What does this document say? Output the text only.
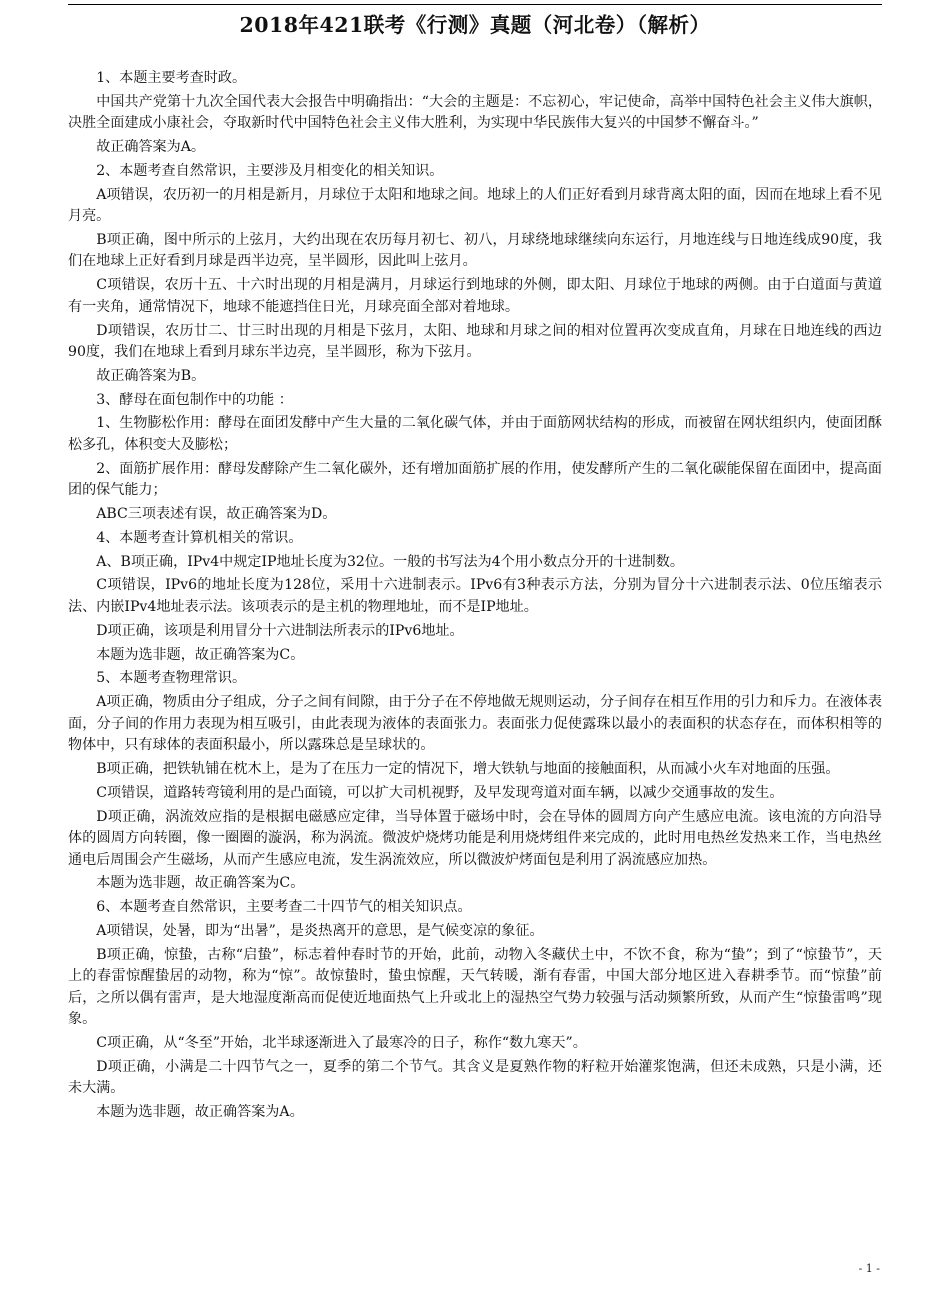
2018年421联考《行测》真题（河北卷）（解析）

1、本题主要考查时政。

中国共产党第十九次全国代表大会报告中明确指出：“大会的主题是：不忘初心，牢记使命，高举中国特色社会主义伟大旗帜，决胜全面建成小康社会，夺取新时代中国特色社会主义伟大胜利，为实现中华民族伟大复兴的中国梦不懈奋斗。”

故正确答案为A。

2、本题考查自然常识，主要涉及月相变化的相关知识。

A项错误，农历初一的月相是新月，月球位于太阳和地球之间。地球上的人们正好看到月球背离太阳的面，因而在地球上看不见月亮。

B项正确，图中所示的上弦月，大约出现在农历每月初七、初八，月球绕地球继续向东运行，月地连线与日地连线成90度，我们在地球上正好看到月球是西半边亮，呈半圆形，因此叫上弦月。

C项错误，农历十五、十六时出现的月相是满月，月球运行到地球的外侧，即太阳、月球位于地球的两侧。由于白道面与黄道有一夹角，通常情况下，地球不能遮挡住日光，月球亮面全部对着地球。

D项错误，农历廿二、廿三时出现的月相是下弦月，太阳、地球和月球之间的相对位置再次变成直角，月球在日地连线的西边90度，我们在地球上看到月球东半边亮，呈半圆形，称为下弦月。

故正确答案为B。

3、酵母在面包制作中的功能 ：

1、生物膨松作用：酵母在面团发酵中产生大量的二氧化碳气体，并由于面筋网状结构的形成，而被留在网状组织内，使面团酥松多孔，体积变大及膨松；

2、面筋扩展作用：酵母发酵除产生二氧化碳外，还有增加面筋扩展的作用，使发酵所产生的二氧化碳能保留在面团中，提高面团的保气能力；

ABC三项表述有误，故正确答案为D。

4、本题考查计算机相关的常识。

A、B项正确，IPv4中规定IP地址长度为32位。一般的书写法为4个用小数点分开的十进制数。

C项错误，IPv6的地址长度为128位，采用十六进制表示。IPv6有3种表示方法，分别为冒分十六进制表示法、0位压缩表示法、内嵌IPv4地址表示法。该项表示的是主机的物理地址，而不是IP地址。

D项正确，该项是利用冒分十六进制法所表示的IPv6地址。

本题为选非题，故正确答案为C。

5、本题考查物理常识。

A项正确，物质由分子组成，分子之间有间隙，由于分子在不停地做无规则运动，分子间存在相互作用的引力和斥力。在液体表面，分子间的作用力表现为相互吸引，由此表现为液体的表面张力。表面张力促使露珠以最小的表面积的状态存在，而体积相等的物体中，只有球体的表面积最小，所以露珠总是呈球状的。

B项正确，把铁轨铺在枕木上，是为了在压力一定的情况下，增大铁轨与地面的接触面积，从而减小火车对地面的压强。

C项错误，道路转弯镜利用的是凸面镜，可以扩大司机视野，及早发现弯道对面车辆，以减少交通事故的发生。

D项正确，涡流效应指的是根据电磁感应定律，当导体置于磁场中时，会在导体的圆周方向产生感应电流。该电流的方向沿导体的圆周方向转圈，像一圈圈的漩涡，称为涡流。微波炉烧烤功能是利用烧烤组件来完成的，此时用电热丝发热来工作，当电热丝通电后周围会产生磁场，从而产生感应电流，发生涡流效应，所以微波炉烤面包是利用了涡流感应加热。

本题为选非题，故正确答案为C。

6、本题考查自然常识，主要考查二十四节气的相关知识点。

A项错误，处暑，即为“出暑”，是炎热离开的意思，是气候变凉的象征。

B项正确，惊蛰，古称“启蛰”，标志着仲春时节的开始，此前，动物入冬藏伏土中，不饮不食，称为“蛰”；到了“惊蛰节”，天上的春雷惊醒蛰居的动物，称为“惊”。故惊蛰时，蛰虫惊醒，天气转暖，渐有春雷，中国大部分地区进入春耕季节。而“惊蛰”前后，之所以偶有雷声，是大地湿度渐高而促使近地面热气上升或北上的湿热空气势力较强与活动频繁所致，从而产生“惊蛰雷鸣”现象。

C项正确，从“冬至”开始，北半球逐渐进入了最寒冷的日子，称作“数九寒天”。

D项正确，小满是二十四节气之一，夏季的第二个节气。其含义是夏熟作物的籽粒开始灌浆饱满，但还未成熟，只是小满，还未大满。

本题为选非题，故正确答案为A。

- 1 -
